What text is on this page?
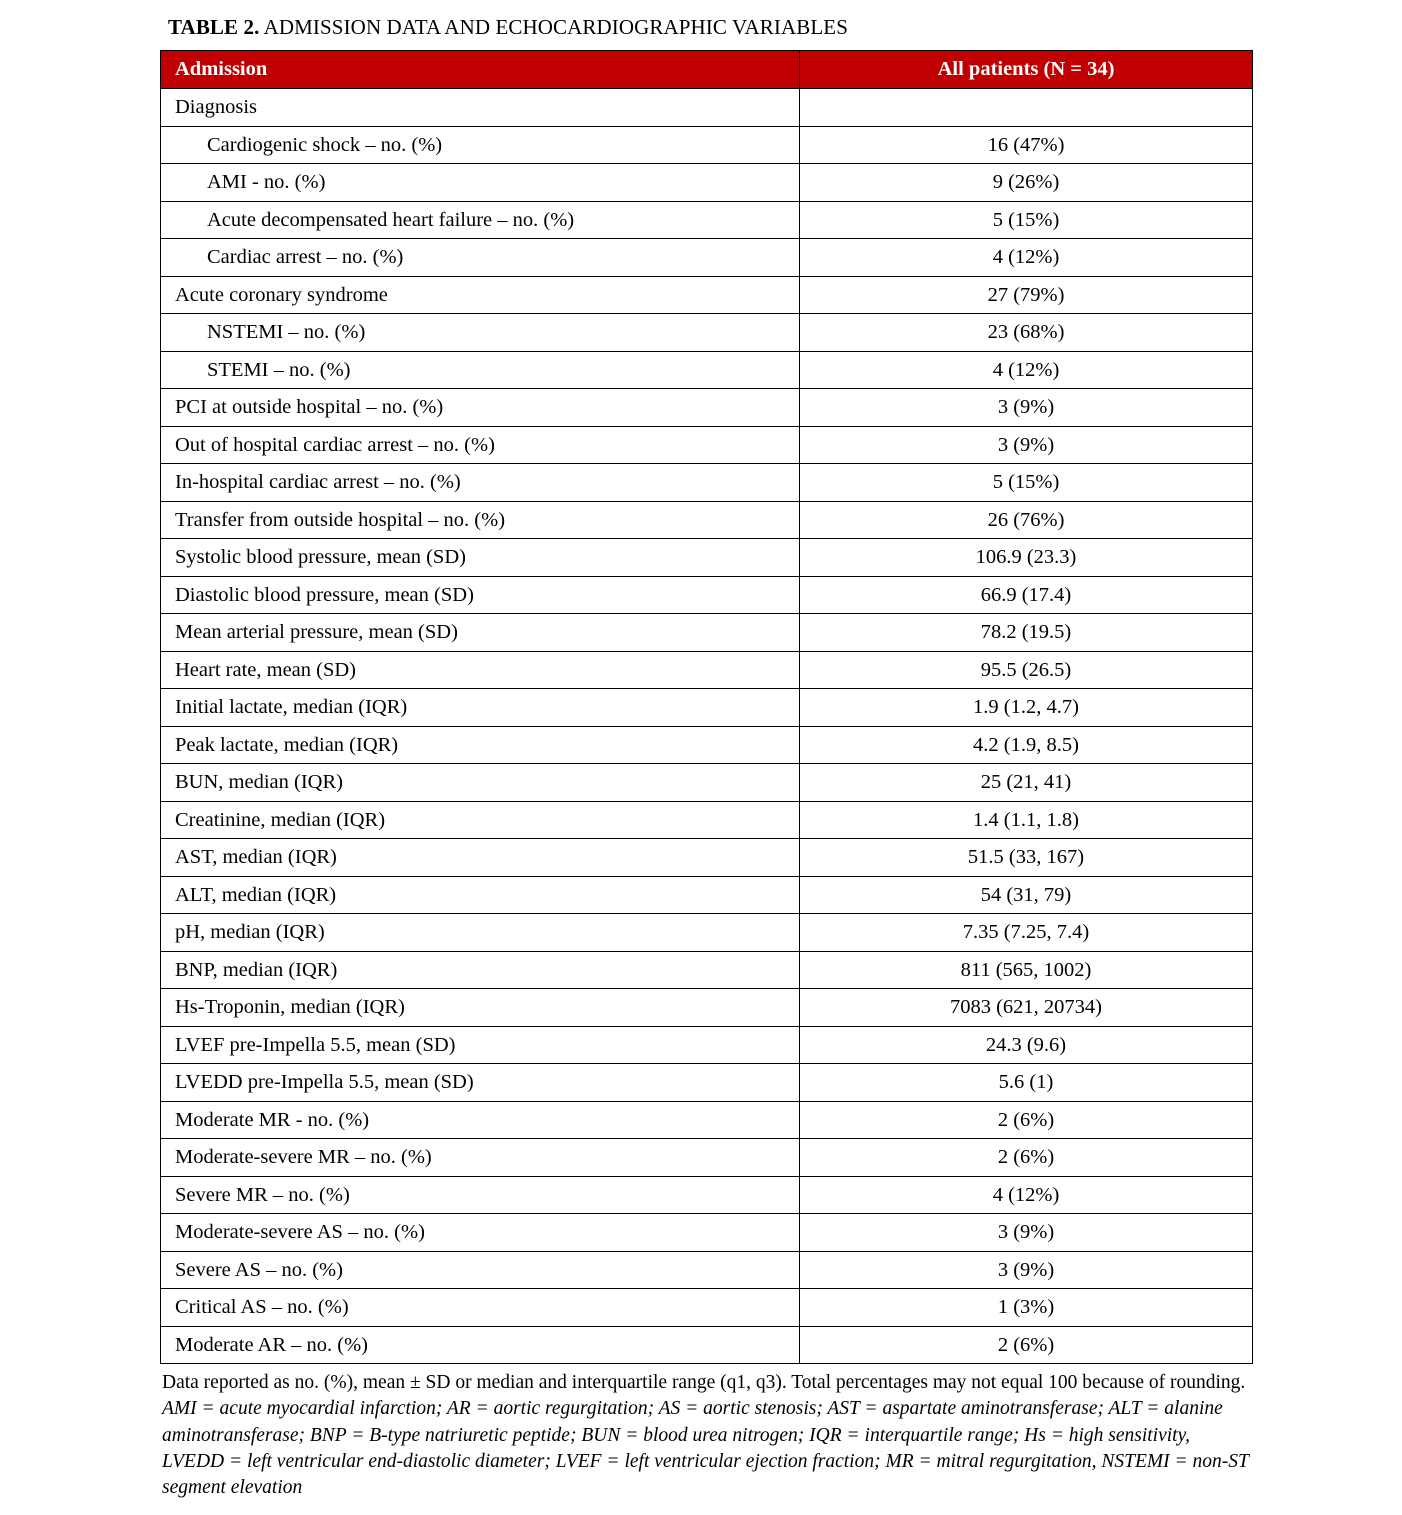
TABLE 2. ADMISSION DATA AND ECHOCARDIOGRAPHIC VARIABLES
Admission	All patients (N = 34)
Diagnosis	
Cardiogenic shock – no. (%)	16 (47%)
AMI - no. (%)	9 (26%)
Acute decompensated heart failure – no. (%)	5 (15%)
Cardiac arrest – no. (%)	4 (12%)
Acute coronary syndrome	27 (79%)
NSTEMI – no. (%)	23 (68%)
STEMI – no. (%)	4 (12%)
PCI at outside hospital – no. (%)	3 (9%)
Out of hospital cardiac arrest – no. (%)	3 (9%)
In-hospital cardiac arrest – no. (%)	5 (15%)
Transfer from outside hospital – no. (%)	26 (76%)
Systolic blood pressure, mean (SD)	106.9 (23.3)
Diastolic blood pressure, mean (SD)	66.9 (17.4)
Mean arterial pressure, mean (SD)	78.2 (19.5)
Heart rate, mean (SD)	95.5 (26.5)
Initial lactate, median (IQR)	1.9 (1.2, 4.7)
Peak lactate, median (IQR)	4.2 (1.9, 8.5)
BUN, median (IQR)	25 (21, 41)
Creatinine, median (IQR)	1.4 (1.1, 1.8)
AST, median (IQR)	51.5 (33, 167)
ALT, median (IQR)	54 (31, 79)
pH, median (IQR)	7.35 (7.25, 7.4)
BNP, median (IQR)	811 (565, 1002)
Hs-Troponin, median (IQR)	7083 (621, 20734)
LVEF pre-Impella 5.5, mean (SD)	24.3 (9.6)
LVEDD pre-Impella 5.5, mean (SD)	5.6 (1)
Moderate MR - no. (%)	2 (6%)
Moderate-severe MR – no. (%)	2 (6%)
Severe MR – no. (%)	4 (12%)
Moderate-severe AS – no. (%)	3 (9%)
Severe AS – no. (%)	3 (9%)
Critical AS – no. (%)	1 (3%)
Moderate AR – no. (%)	2 (6%)
Data reported as no. (%), mean ± SD or median and interquartile range (q1, q3). Total percentages may not equal 100 because of rounding. AMI = acute myocardial infarction; AR = aortic regurgitation; AS = aortic stenosis; AST = aspartate aminotransferase; ALT = alanine aminotransferase; BNP = B-type natriuretic peptide; BUN = blood urea nitrogen; IQR = interquartile range; Hs = high sensitivity, LVEDD = left ventricular end-diastolic diameter; LVEF = left ventricular ejection fraction; MR = mitral regurgitation, NSTEMI = non-ST segment elevation
